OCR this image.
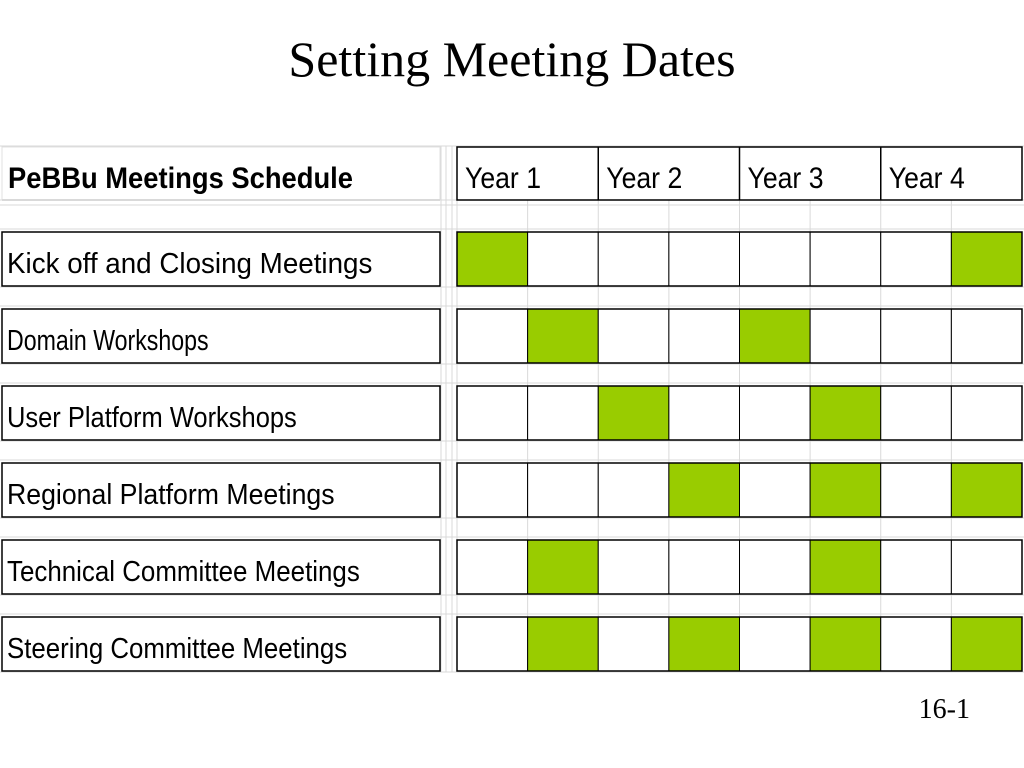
Setting Meeting Dates
PeBBu Meetings Schedule	Year 1 Year 2 Year 3 Year 4
Kick off and Closing Meetings
Domain Workshops
User Platform Workshops
Regional Platform Meetings
Technical Committee Meetings
Steering Committee Meetings
16-1
